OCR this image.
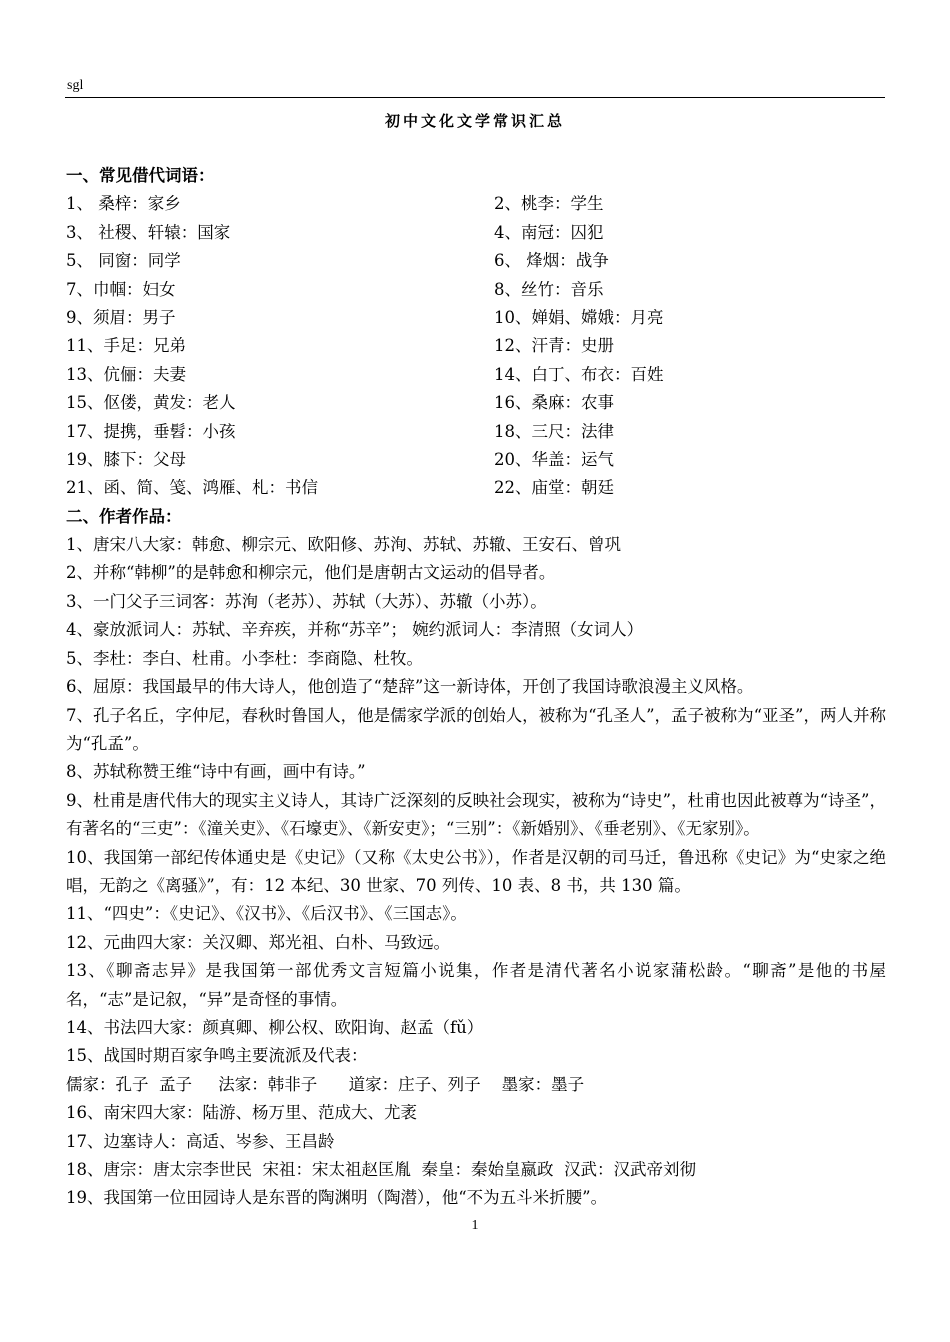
sgl
初中文化文学常识汇总
一、常见借代词语：
1、 桑梓：家乡	2、桃李：学生
3、 社稷、轩辕：国家	4、南冠：囚犯
5、 同窗：同学	6、 烽烟：战争
7、巾帼：妇女	8、丝竹：音乐
9、须眉：男子	10、婵娟、嫦娥：月亮
11、手足：兄弟	12、汗青：史册
13、伉俪：夫妻	14、白丁、布衣：百姓
15、伛偻，黄发：老人	16、桑麻：农事
17、提携，垂髫：小孩	18、三尺：法律
19、膝下：父母	20、华盖：运气
21、函、简、笺、鸿雁、札：书信	22、庙堂：朝廷
二、作者作品：
1、唐宋八大家：韩愈、柳宗元、欧阳修、苏洵、苏轼、苏辙、王安石、曾巩
2、并称“韩柳”的是韩愈和柳宗元，他们是唐朝古文运动的倡导者。
3、一门父子三词客：苏洵（老苏）、苏轼（大苏）、苏辙（小苏）。
4、豪放派词人：苏轼、辛弃疾，并称“苏辛”； 婉约派词人：李清照（女词人）
5、李杜：李白、杜甫。小李杜：李商隐、杜牧。
6、屈原：我国最早的伟大诗人，他创造了“楚辞”这一新诗体，开创了我国诗歌浪漫主义风格。
7、孔子名丘，字仲尼，春秋时鲁国人，他是儒家学派的创始人，被称为“孔圣人”，孟子被称为“亚圣”，两人并称为“孔孟”。
8、苏轼称赞王维“诗中有画，画中有诗。”
9、杜甫是唐代伟大的现实主义诗人，其诗广泛深刻的反映社会现实，被称为“诗史”，杜甫也因此被尊为“诗圣”，有著名的“三吏”：《潼关吏》、《石壕吏》、《新安吏》；“三别”：《新婚别》、《垂老别》、《无家别》。
10、我国第一部纪传体通史是《史记》（又称《太史公书》），作者是汉朝的司马迁，鲁迅称《史记》为“史家之绝唱，无韵之《离骚》”，有：12 本纪、30 世家、70 列传、10 表、8 书，共 130 篇。
11、“四史”：《史记》、《汉书》、《后汉书》、《三国志》。
12、元曲四大家：关汉卿、郑光祖、白朴、马致远。
13、《聊斋志异》是我国第一部优秀文言短篇小说集，作者是清代著名小说家蒲松龄。“聊斋”是他的书屋名，“志”是记叙，“异”是奇怪的事情。
14、书法四大家：颜真卿、柳公权、欧阳询、赵孟（fǔ）
15、战国时期百家争鸣主要流派及代表：
儒家：孔子  孟子     法家：韩非子      道家：庄子、列子    墨家：墨子
16、南宋四大家：陆游、杨万里、范成大、尤袤
17、边塞诗人：高适、岑参、王昌龄
18、唐宗：唐太宗李世民  宋祖：宋太祖赵匡胤  秦皇：秦始皇嬴政  汉武：汉武帝刘彻
19、我国第一位田园诗人是东晋的陶渊明（陶潜），他“不为五斗米折腰”。
1
